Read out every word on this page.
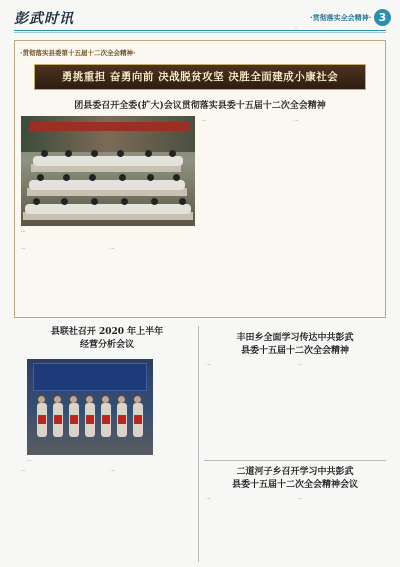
彭武时讯	·贯彻落实全会精神· 3
…
·贯彻落实县委第十五届十二次全会精神·
勇挑重担 奋勇向前 决战脱贫攻坚 决胜全面建成小康社会
团县委召开全委(扩大)会议贯彻落实县委十五届十二次全会精神
…
…	…
…	…
县联社召开 2020 年上半年
经营分析会议
…
…	…
丰田乡全面学习传达中共彭武
县委十五届十二次全会精神
…	…
二道河子乡召开学习中共彭武
县委十五届十二次全会精神会议
…	…
